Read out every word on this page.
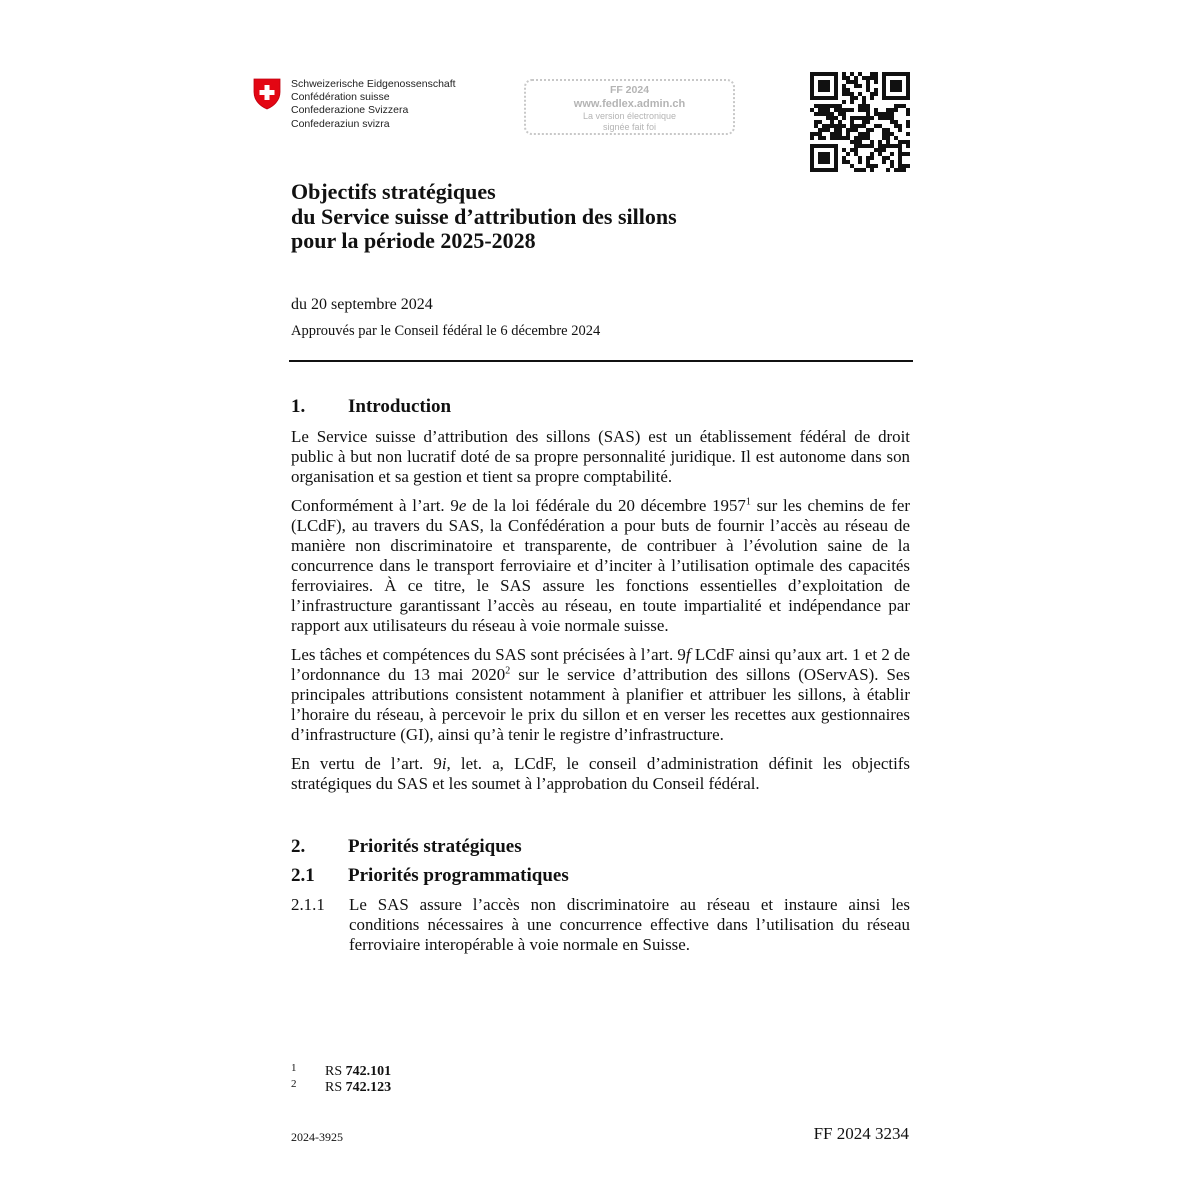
Schweizerische Eidgenossenschaft
Confédération suisse
Confederazione Svizzera
Confederaziun svizra
FF 2024
www.fedlex.admin.ch
La version électronique
signée fait foi
Objectifs stratégiques
du Service suisse d’attribution des sillons
pour la période 2025-2028
du 20 septembre 2024
Approuvés par le Conseil fédéral le 6 décembre 2024
1. Introduction

Le Service suisse d’attribution des sillons (SAS) est un établissement fédéral de droit public à but non lucratif doté de sa propre personnalité juridique. Il est autonome dans son organisation et sa gestion et tient sa propre comptabilité.

Conformément à l’art. 9e de la loi fédérale du 20 décembre 1957$^1$ sur les chemins de fer (LCdF), au travers du SAS, la Confédération a pour buts de fournir l’accès au réseau de manière non discriminatoire et transparente, de contribuer à l’évolution saine de la concurrence dans le transport ferroviaire et d’inciter à l’utilisation optimale des capacités ferroviaires. À ce titre, le SAS assure les fonctions essentielles d’exploitation de l’infrastructure garantissant l’accès au réseau, en toute impartialité et indépendance par rapport aux utilisateurs du réseau à voie normale suisse.

Les tâches et compétences du SAS sont précisées à l’art. 9f LCdF ainsi qu’aux art. 1 et 2 de l’ordonnance du 13 mai 2020$^2$ sur le service d’attribution des sillons (OServAS). Ses principales attributions consistent notamment à planifier et attribuer les sillons, à établir l’horaire du réseau, à percevoir le prix du sillon et en verser les recettes aux gestionnaires d’infrastructure (GI), ainsi qu’à tenir le registre d’infrastructure.

En vertu de l’art. 9i, let. a, LCdF, le conseil d’administration définit les objectifs stratégiques du SAS et les soumet à l’approbation du Conseil fédéral.

2. Priorités stratégiques
2.1 Priorités programmatiques
2.1.1 Le SAS assure l’accès non discriminatoire au réseau et instaure ainsi les conditions nécessaires à une concurrence effective dans l’utilisation du réseau ferroviaire interopérable à voie normale en Suisse.
1 RS 742.101
2 RS 742.123
2024-3925	FF 2024 3234
